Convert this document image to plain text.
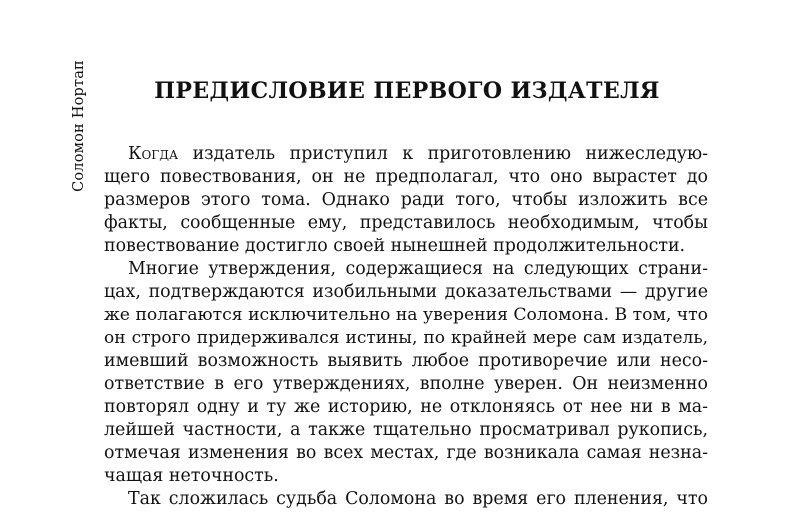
Соломон Нортап	ПРЕДИСЛОВИЕ ПЕРВОГО ИЗДАТЕЛЯ
Когда издатель приступил к приготовлению нижеследую-
щего повествования, он не предполагал, что оно вырастет до
размеров этого тома. Однако ради того, чтобы изложить все
факты, сообщенные ему, представилось необходимым, чтобы
повествование достигло своей нынешней продолжительности.
Многие утверждения, содержащиеся на следующих страни-
цах, подтверждаются изобильными доказательствами — другие
же полагаются исключительно на уверения Соломона. В том, что
он строго придерживался истины, по крайней мере сам издатель,
имевший возможность выявить любое противоречие или несо-
ответствие в его утверждениях, вполне уверен. Он неизменно
повторял одну и ту же историю, не отклоняясь от нее ни в ма-
лейшей частности, а также тщательно просматривал рукопись,
отмечая изменения во всех местах, где возникала самая незна-
чащая неточность.
Так сложилась судьба Соломона во время его пленения, что
